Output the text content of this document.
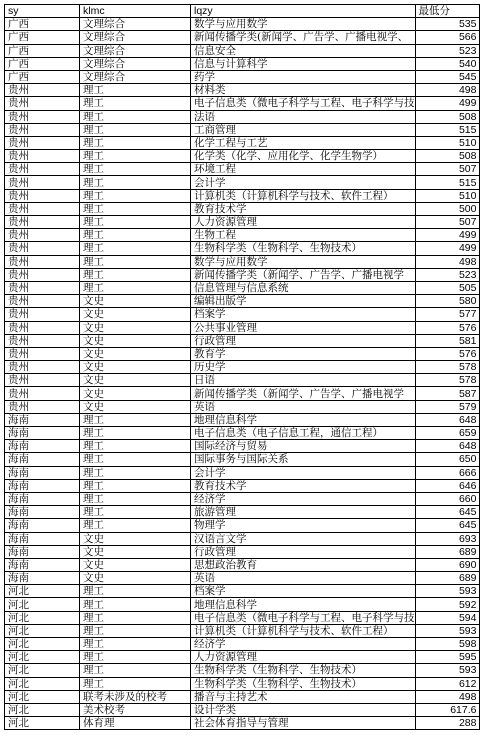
sy	klmc	lqzy	最低分
广西	文理综合	数学与应用数学	535
广西	文理综合	新闻传播学类(新闻学、广告学、广播电视学、	566
广西	文理综合	信息安全	523
广西	文理综合	信息与计算科学	540
广西	文理综合	药学	545
贵州	理工	材料类	498
贵州	理工	电子信息类（微电子科学与工程、电子科学与技	499
贵州	理工	法语	508
贵州	理工	工商管理	515
贵州	理工	化学工程与工艺	510
贵州	理工	化学类（化学、应用化学、化学生物学）	508
贵州	理工	环境工程	507
贵州	理工	会计学	515
贵州	理工	计算机类（计算机科学与技术、软件工程）	510
贵州	理工	教育技术学	500
贵州	理工	人力资源管理	507
贵州	理工	生物工程	499
贵州	理工	生物科学类（生物科学、生物技术）	499
贵州	理工	数学与应用数学	498
贵州	理工	新闻传播学类（新闻学、广告学、广播电视学	523
贵州	理工	信息管理与信息系统	505
贵州	文史	编辑出版学	580
贵州	文史	档案学	577
贵州	文史	公共事业管理	576
贵州	文史	行政管理	581
贵州	文史	教育学	576
贵州	文史	历史学	578
贵州	文史	日语	578
贵州	文史	新闻传播学类（新闻学、广告学、广播电视学	587
贵州	文史	英语	579
海南	理工	地理信息科学	648
海南	理工	电子信息类（电子信息工程，通信工程）	659
海南	理工	国际经济与贸易	648
海南	理工	国际事务与国际关系	650
海南	理工	会计学	666
海南	理工	教育技术学	646
海南	理工	经济学	660
海南	理工	旅游管理	645
海南	理工	物理学	645
海南	文史	汉语言文学	693
海南	文史	行政管理	689
海南	文史	思想政治教育	690
海南	文史	英语	689
河北	理工	档案学	593
河北	理工	地理信息科学	592
河北	理工	电子信息类（微电子科学与工程、电子科学与技	594
河北	理工	计算机类（计算机科学与技术、软件工程）	593
河北	理工	经济学	598
河北	理工	人力资源管理	595
河北	理工	生物科学类（生物科学、生物技术）	593
河北	理工	生物科学类（生物科学、生物技术）	612
河北	联考未涉及的校考	播音与主持艺术	498
河北	美术校考	设计学类	617.6
河北	体育理	社会体育指导与管理	288
